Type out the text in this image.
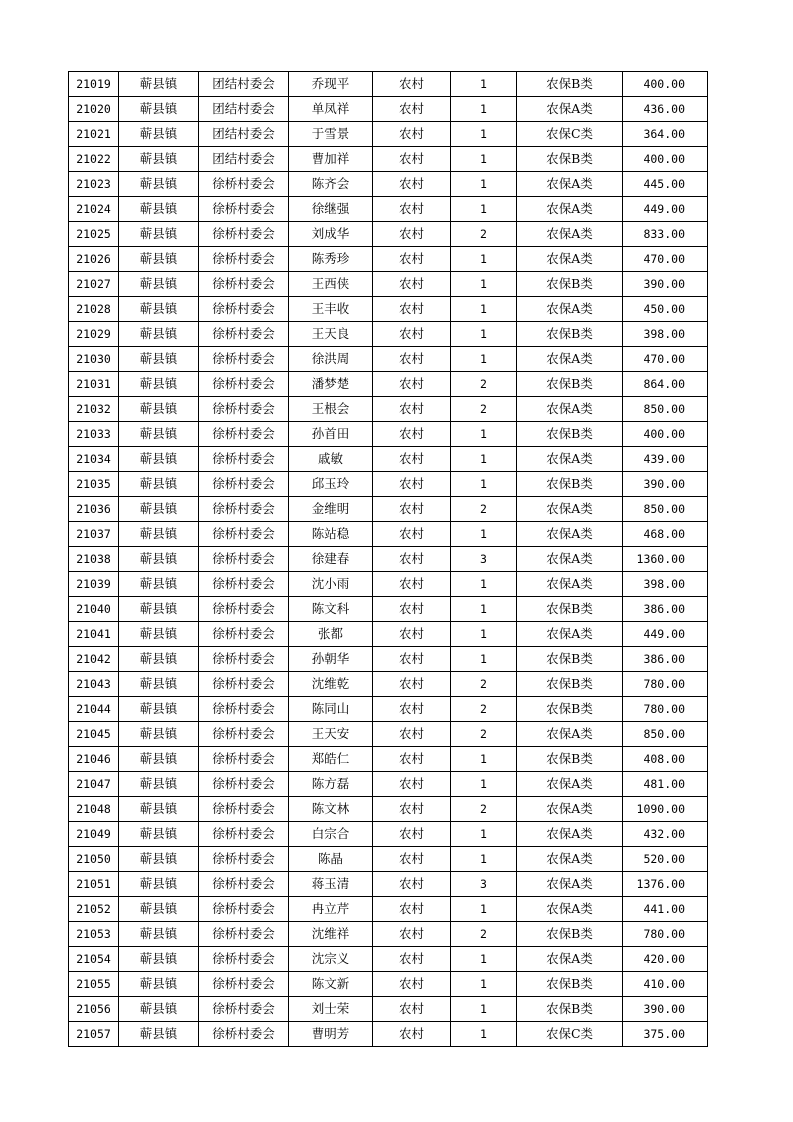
21019	蕲县镇	团结村委会	乔现平	农村	1	农保B类	400.00
21020	蕲县镇	团结村委会	单凤祥	农村	1	农保A类	436.00
21021	蕲县镇	团结村委会	于雪景	农村	1	农保C类	364.00
21022	蕲县镇	团结村委会	曹加祥	农村	1	农保B类	400.00
21023	蕲县镇	徐桥村委会	陈齐会	农村	1	农保A类	445.00
21024	蕲县镇	徐桥村委会	徐继强	农村	1	农保A类	449.00
21025	蕲县镇	徐桥村委会	刘成华	农村	2	农保A类	833.00
21026	蕲县镇	徐桥村委会	陈秀珍	农村	1	农保A类	470.00
21027	蕲县镇	徐桥村委会	王西侠	农村	1	农保B类	390.00
21028	蕲县镇	徐桥村委会	王丰收	农村	1	农保A类	450.00
21029	蕲县镇	徐桥村委会	王天良	农村	1	农保B类	398.00
21030	蕲县镇	徐桥村委会	徐洪周	农村	1	农保A类	470.00
21031	蕲县镇	徐桥村委会	潘梦楚	农村	2	农保B类	864.00
21032	蕲县镇	徐桥村委会	王根会	农村	2	农保A类	850.00
21033	蕲县镇	徐桥村委会	孙首田	农村	1	农保B类	400.00
21034	蕲县镇	徐桥村委会	戚敏	农村	1	农保A类	439.00
21035	蕲县镇	徐桥村委会	邱玉玲	农村	1	农保B类	390.00
21036	蕲县镇	徐桥村委会	金维明	农村	2	农保A类	850.00
21037	蕲县镇	徐桥村委会	陈站稳	农村	1	农保A类	468.00
21038	蕲县镇	徐桥村委会	徐建春	农村	3	农保A类	1360.00
21039	蕲县镇	徐桥村委会	沈小雨	农村	1	农保A类	398.00
21040	蕲县镇	徐桥村委会	陈文科	农村	1	农保B类	386.00
21041	蕲县镇	徐桥村委会	张都	农村	1	农保A类	449.00
21042	蕲县镇	徐桥村委会	孙朝华	农村	1	农保B类	386.00
21043	蕲县镇	徐桥村委会	沈维乾	农村	2	农保B类	780.00
21044	蕲县镇	徐桥村委会	陈同山	农村	2	农保B类	780.00
21045	蕲县镇	徐桥村委会	王天安	农村	2	农保A类	850.00
21046	蕲县镇	徐桥村委会	郑皓仁	农村	1	农保B类	408.00
21047	蕲县镇	徐桥村委会	陈方磊	农村	1	农保A类	481.00
21048	蕲县镇	徐桥村委会	陈文林	农村	2	农保A类	1090.00
21049	蕲县镇	徐桥村委会	白宗合	农村	1	农保A类	432.00
21050	蕲县镇	徐桥村委会	陈晶	农村	1	农保A类	520.00
21051	蕲县镇	徐桥村委会	蒋玉清	农村	3	农保A类	1376.00
21052	蕲县镇	徐桥村委会	冉立芹	农村	1	农保A类	441.00
21053	蕲县镇	徐桥村委会	沈维祥	农村	2	农保B类	780.00
21054	蕲县镇	徐桥村委会	沈宗义	农村	1	农保A类	420.00
21055	蕲县镇	徐桥村委会	陈文新	农村	1	农保B类	410.00
21056	蕲县镇	徐桥村委会	刘士荣	农村	1	农保B类	390.00
21057	蕲县镇	徐桥村委会	曹明芳	农村	1	农保C类	375.00
